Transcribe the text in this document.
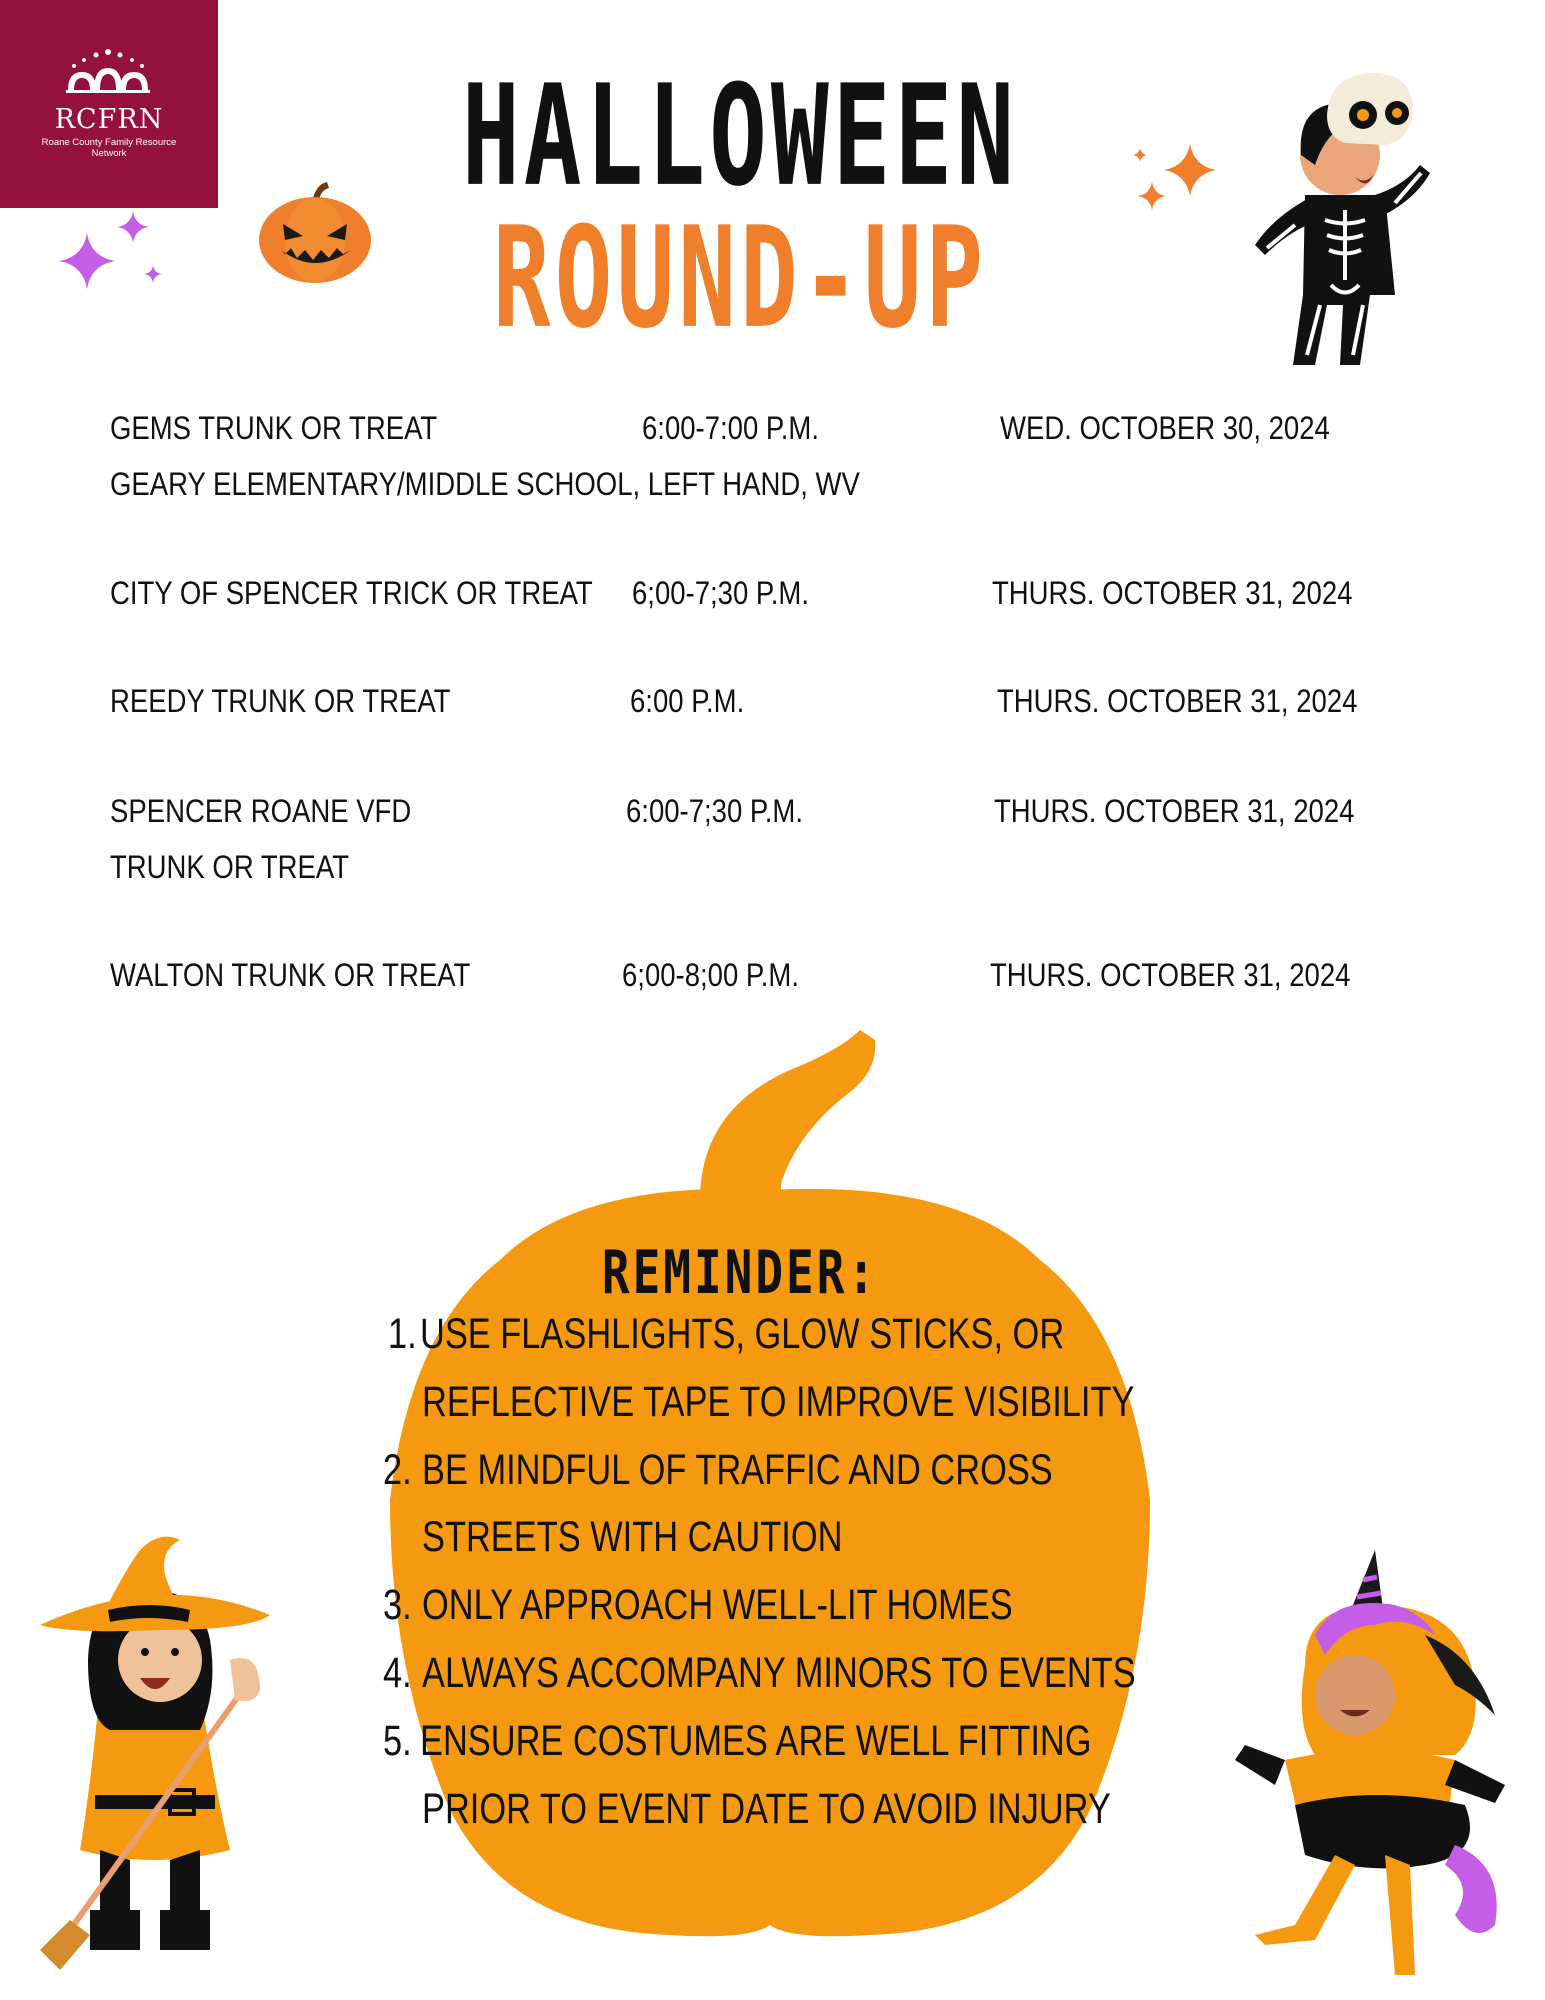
RCFRN
Roane County Family Resource Network	HALLOWEEN
ROUND-UP
GEMS TRUNK OR TREAT	6:00-7:00 P.M.	WED. OCTOBER 30, 2024
GEARY ELEMENTARY/MIDDLE SCHOOL, LEFT HAND, WV
CITY OF SPENCER TRICK OR TREAT 6;00-7;30 P.M.	THURS. OCTOBER 31, 2024
REEDY TRUNK OR TREAT	6:00 P.M.	THURS. OCTOBER 31, 2024
SPENCER ROANE VFD	6:00-7;30 P.M.	THURS. OCTOBER 31, 2024
TRUNK OR TREAT
WALTON TRUNK OR TREAT	6;00-8;00 P.M.	THURS. OCTOBER 31, 2024
REMINDER:
1. USE FLASHLIGHTS, GLOW STICKS, OR
REFLECTIVE TAPE TO IMPROVE VISIBILITY
2. BE MINDFUL OF TRAFFIC AND CROSS
STREETS WITH CAUTION
3. ONLY APPROACH WELL-LIT HOMES
4. ALWAYS ACCOMPANY MINORS TO EVENTS
5. ENSURE COSTUMES ARE WELL FITTING
PRIOR TO EVENT DATE TO AVOID INJURY
